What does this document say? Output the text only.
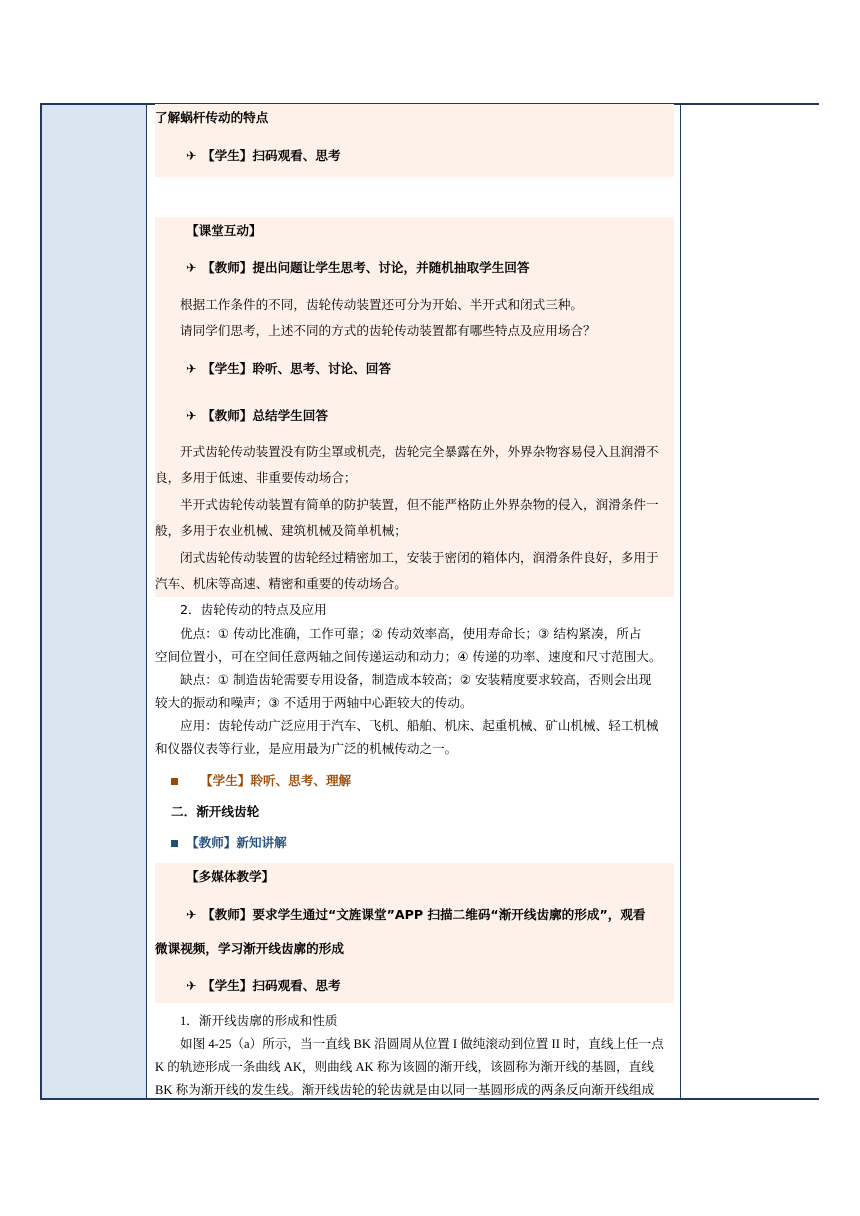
了解蜗杆传动的特点
✈ 【学生】扫码观看、思考
【课堂互动】
✈ 【教师】提出问题让学生思考、讨论，并随机抽取学生回答
根据工作条件的不同，齿轮传动装置还可分为开始、半开式和闭式三种。
请同学们思考，上述不同的方式的齿轮传动装置都有哪些特点及应用场合？
✈ 【学生】聆听、思考、讨论、回答
✈ 【教师】总结学生回答
开式齿轮传动装置没有防尘罩或机壳，齿轮完全暴露在外，外界杂物容易侵入且润滑不
良，多用于低速、非重要传动场合；
半开式齿轮传动装置有简单的防护装置，但不能严格防止外界杂物的侵入，润滑条件一
般，多用于农业机械、建筑机械及简单机械；
闭式齿轮传动装置的齿轮经过精密加工，安装于密闭的箱体内，润滑条件良好，多用于
汽车、机床等高速、精密和重要的传动场合。
2．齿轮传动的特点及应用
优点：① 传动比准确，工作可靠；② 传动效率高，使用寿命长；③ 结构紧凑，所占
空间位置小，可在空间任意两轴之间传递运动和动力；④ 传递的功率、速度和尺寸范围大。
缺点：① 制造齿轮需要专用设备，制造成本较高；② 安装精度要求较高，否则会出现
较大的振动和噪声；③ 不适用于两轴中心距较大的传动。
应用：齿轮传动广泛应用于汽车、飞机、船舶、机床、起重机械、矿山机械、轻工机械
和仪器仪表等行业，是应用最为广泛的机械传动之一。
【学生】聆听、思考、理解
二．渐开线齿轮
【教师】新知讲解
【多媒体教学】
✈ 【教师】要求学生通过“文旌课堂”APP 扫描二维码“渐开线齿廓的形成”，观看
微课视频，学习渐开线齿廓的形成
✈ 【学生】扫码观看、思考
1．渐开线齿廓的形成和性质
如图 4-25（a）所示，当一直线 BK 沿圆周从位置 I 做纯滚动到位置 II 时，直线上任一点
K 的轨迹形成一条曲线 AK，则曲线 AK 称为该圆的渐开线，该圆称为渐开线的基圆，直线
BK 称为渐开线的发生线。渐开线齿轮的轮齿就是由以同一基圆形成的两条反向渐开线组成
